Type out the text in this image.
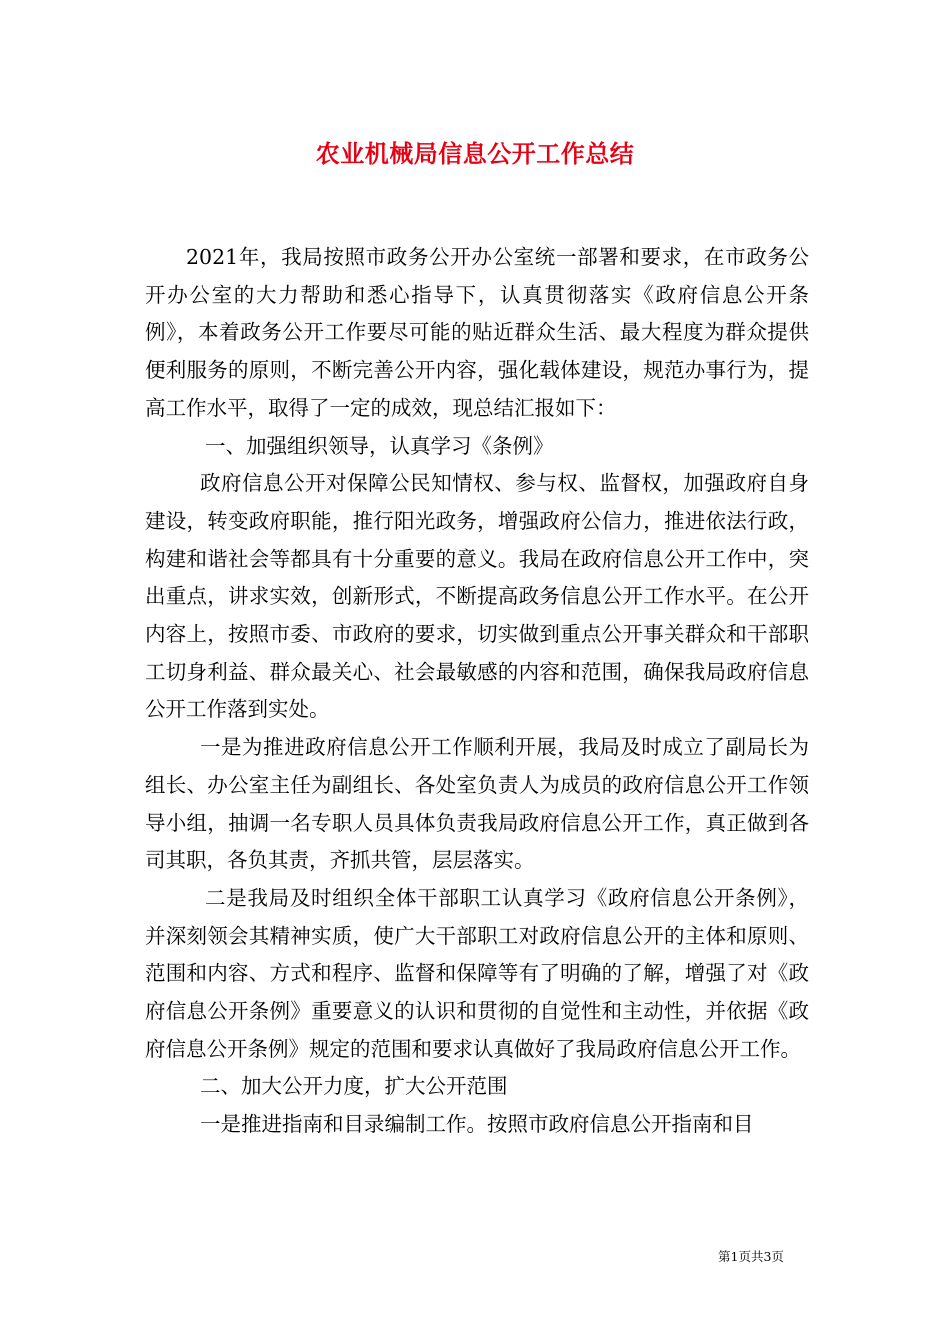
农业机械局信息公开工作总结

2021年，我局按照市政务公开办公室统一部署和要求，在市政务公开办公室的大力帮助和悉心指导下，认真贯彻落实《政府信息公开条例》，本着政务公开工作要尽可能的贴近群众生活、最大程度为群众提供便利服务的原则，不断完善公开内容，强化载体建设，规范办事行为，提高工作水平，取得了一定的成效，现总结汇报如下：

一、加强组织领导，认真学习《条例》

政府信息公开对保障公民知情权、参与权、监督权，加强政府自身建设，转变政府职能，推行阳光政务，增强政府公信力，推进依法行政，构建和谐社会等都具有十分重要的意义。我局在政府信息公开工作中，突出重点，讲求实效，创新形式，不断提高政务信息公开工作水平。在公开内容上，按照市委、市政府的要求，切实做到重点公开事关群众和干部职工切身利益、群众最关心、社会最敏感的内容和范围，确保我局政府信息公开工作落到实处。

一是为推进政府信息公开工作顺利开展，我局及时成立了副局长为组长、办公室主任为副组长、各处室负责人为成员的政府信息公开工作领导小组，抽调一名专职人员具体负责我局政府信息公开工作，真正做到各司其职，各负其责，齐抓共管，层层落实。

二是我局及时组织全体干部职工认真学习《政府信息公开条例》，并深刻领会其精神实质，使广大干部职工对政府信息公开的主体和原则、范围和内容、方式和程序、监督和保障等有了明确的了解，增强了对《政府信息公开条例》重要意义的认识和贯彻的自觉性和主动性，并依据《政府信息公开条例》规定的范围和要求认真做好了我局政府信息公开工作。

二、加大公开力度，扩大公开范围

一是推进指南和目录编制工作。按照市政府信息公开指南和目

第1页共3页
